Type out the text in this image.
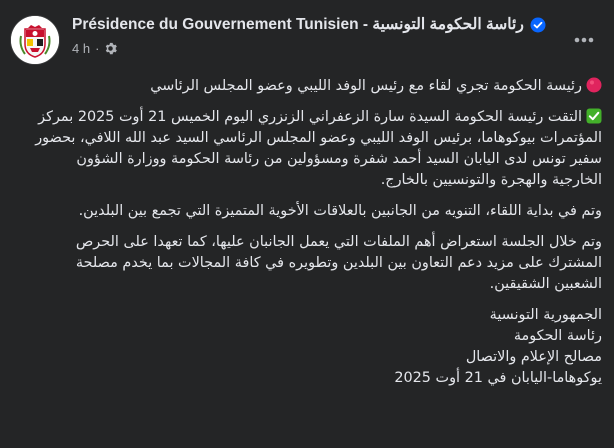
Présidence du Gouvernement Tunisien - رئاسة الحكومة التونسية
4 h ·

رئيسة الحكومة تجري لقاء مع رئيس الوفد الليبي وعضو المجلس الرئاسي

التقت رئيسة الحكومة السيدة سارة الزعفراني الزنزري اليوم الخميس 21 أوت 2025 بمركز المؤتمرات بيوكوهاما، برئيس الوفد الليبي وعضو المجلس الرئاسي السيد عبد الله اللافي، بحضور سفير تونس لدى اليابان السيد أحمد شفرة ومسؤولين من رئاسة الحكومة ووزارة الشؤون الخارجية والهجرة والتونسيين بالخارج.

وتم في بداية اللقاء، التنويه من الجانبين بالعلاقات الأخوية المتميزة التي تجمع بين البلدين.

وتم خلال الجلسة استعراض أهم الملفات التي يعمل الجانبان عليها، كما تعهدا على الحرص المشترك على مزيد دعم التعاون بين البلدين وتطويره في كافة المجالات بما يخدم مصلحة الشعبين الشقيقين.

الجمهورية التونسية
رئاسة الحكومة
مصالح الإعلام والاتصال
يوكوهاما-اليابان في 21 أوت 2025
